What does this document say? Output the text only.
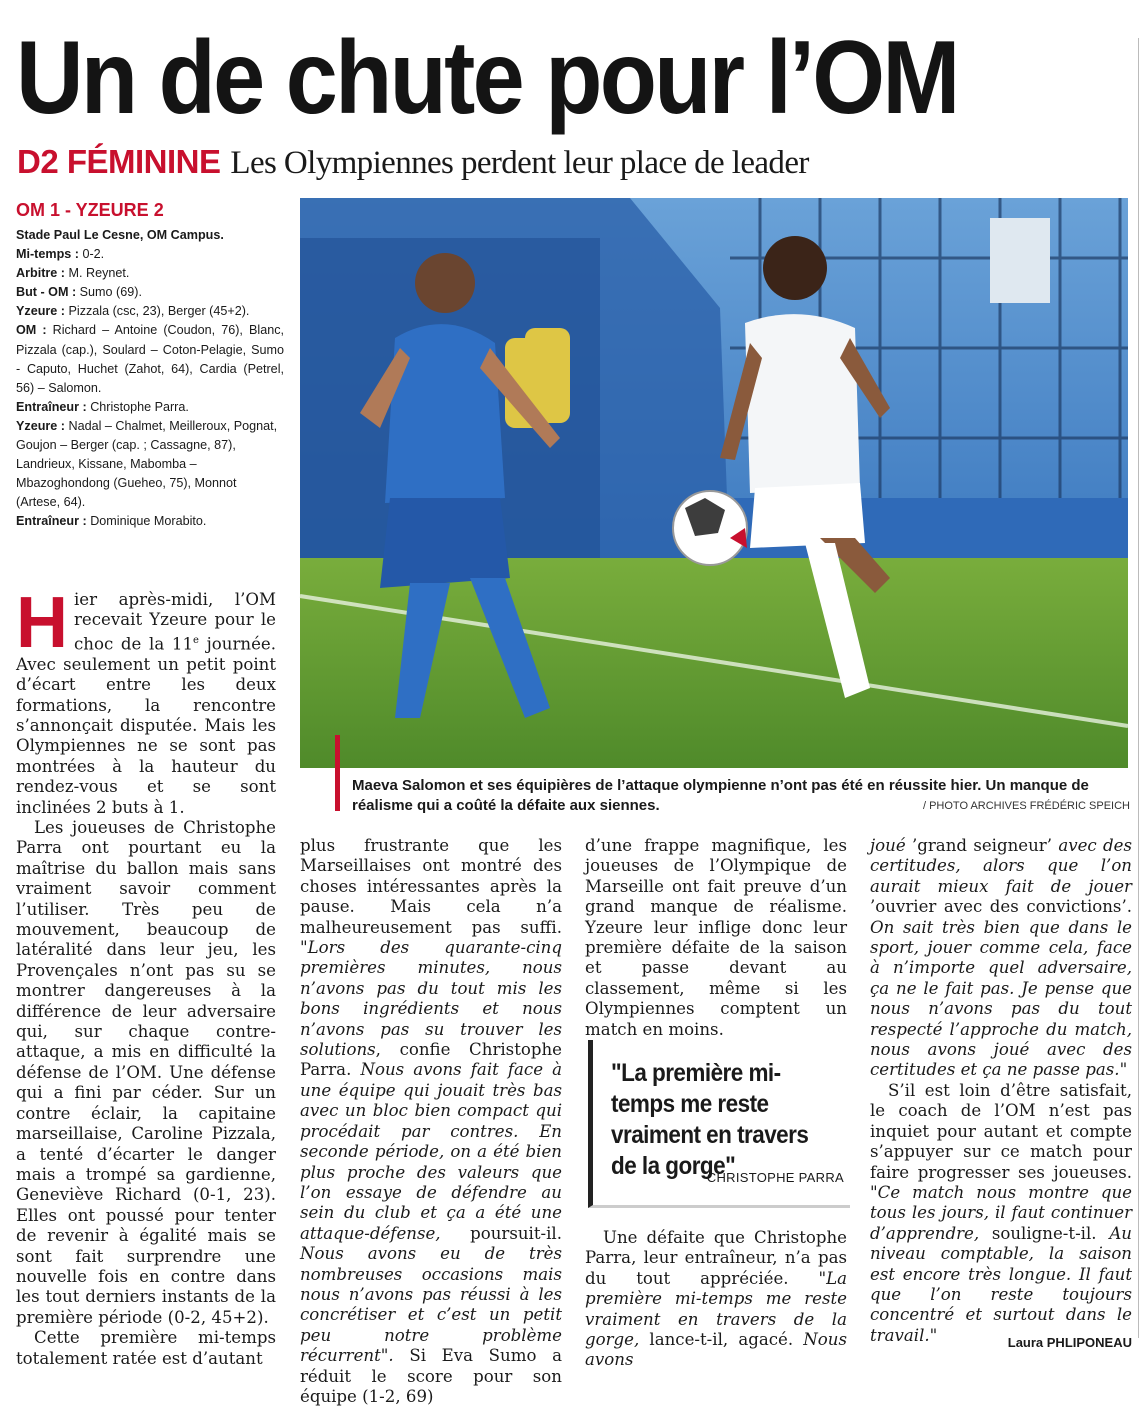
Un de chute pour l’OM
D2 FÉMININE Les Olympiennes perdent leur place de leader
OM 1 - YZEURE 2

Stade Paul Le Cesne, OM Campus.

Mi-temps : 0-2.

Arbitre : M. Reynet.

But - OM : Sumo (69).

Yzeure : Pizzala (csc, 23), Berger (45+2).

OM : Richard – Antoine (Coudon, 76), Blanc, Pizzala (cap.), Soulard – Coton-Pelagie, Sumo - Caputo, Huchet (Zahot, 64), Cardia (Petrel, 56) – Salomon.

Entraîneur : Christophe Parra.

Yzeure : Nadal – Chalmet, Meilleroux, Pognat, Goujon – Berger (cap. ; Cassagne, 87), Landrieux, Kissane, Mabomba – Mbazoghondong (Gueheo, 75), Monnot (Artese, 64).

Entraîneur : Dominique Morabito.

Maeva Salomon et ses équipières de l’attaque olympienne n’ont pas été en réussite hier. Un manque de réalisme qui a coûté la défaite aux siennes.	/ PHOTO ARCHIVES FRÉDÉRIC SPEICH

Hier après-midi, l’OM recevait Yzeure pour le choc de la 11e journée. Avec seulement un petit point d’écart entre les deux formations, la rencontre s’annonçait disputée. Mais les Olympiennes ne se sont pas montrées à la hauteur du rendez-vous et se sont inclinées 2 buts à 1.

Les joueuses de Christophe Parra ont pourtant eu la maîtrise du ballon mais sans vraiment savoir comment l’utiliser. Très peu de mouvement, beaucoup de latéralité dans leur jeu, les Provençales n’ont pas su se montrer dangereuses à la différence de leur adversaire qui, sur chaque contre-attaque, a mis en difficulté la défense de l’OM. Une défense qui a fini par céder. Sur un contre éclair, la capitaine marseillaise, Caroline Pizzala, a tenté d’écarter le danger mais a trompé sa gardienne, Geneviève Richard (0-1, 23). Elles ont poussé pour tenter de revenir à égalité mais se sont fait surprendre une nouvelle fois en contre dans les tout derniers instants de la première période (0-2, 45+2).

Cette première mi-temps totalement ratée est d’autant

plus frustrante que les Marseillaises ont montré des choses intéressantes après la pause. Mais cela n’a malheureusement pas suffi. "Lors des quarante-cinq premières minutes, nous n’avons pas du tout mis les bons ingrédients et nous n’avons pas su trouver les solutions, confie Christophe Parra. Nous avons fait face à une équipe qui jouait très bas avec un bloc bien compact qui procédait par contres. En seconde période, on a été bien plus proche des valeurs que l’on essaye de défendre au sein du club et ça a été une attaque-défense, poursuit-il. Nous avons eu de très nombreuses occasions mais nous n’avons pas réussi à les concrétiser et c’est un petit peu notre problème récurrent". Si Eva Sumo a réduit le score pour son équipe (1-2, 69)

d’une frappe magnifique, les joueuses de l’Olympique de Marseille ont fait preuve d’un grand manque de réalisme. Yzeure leur inflige donc leur première défaite de la saison et passe devant au classement, même si les Olympiennes comptent un match en moins.

"La première mi-temps me reste vraiment en travers de la gorge"
CHRISTOPHE PARRA

Une défaite que Christophe Parra, leur entraîneur, n’a pas du tout appréciée. "La première mi-temps me reste vraiment en travers de la gorge, lance-t-il, agacé. Nous avons

joué ’grand seigneur’ avec des certitudes, alors que l’on aurait mieux fait de jouer ’ouvrier avec des convictions’. On sait très bien que dans le sport, jouer comme cela, face à n’importe quel adversaire, ça ne le fait pas. Je pense que nous n’avons pas du tout respecté l’approche du match, nous avons joué avec des certitudes et ça ne passe pas."

S’il est loin d’être satisfait, le coach de l’OM n’est pas inquiet pour autant et compte s’appuyer sur ce match pour faire progresser ses joueuses. "Ce match nous montre que tous les jours, il faut continuer d’apprendre, souligne-t-il. Au niveau comptable, la saison est encore très longue. Il faut que l’on reste toujours concentré et surtout dans le travail."	Laura PHLIPONEAU
